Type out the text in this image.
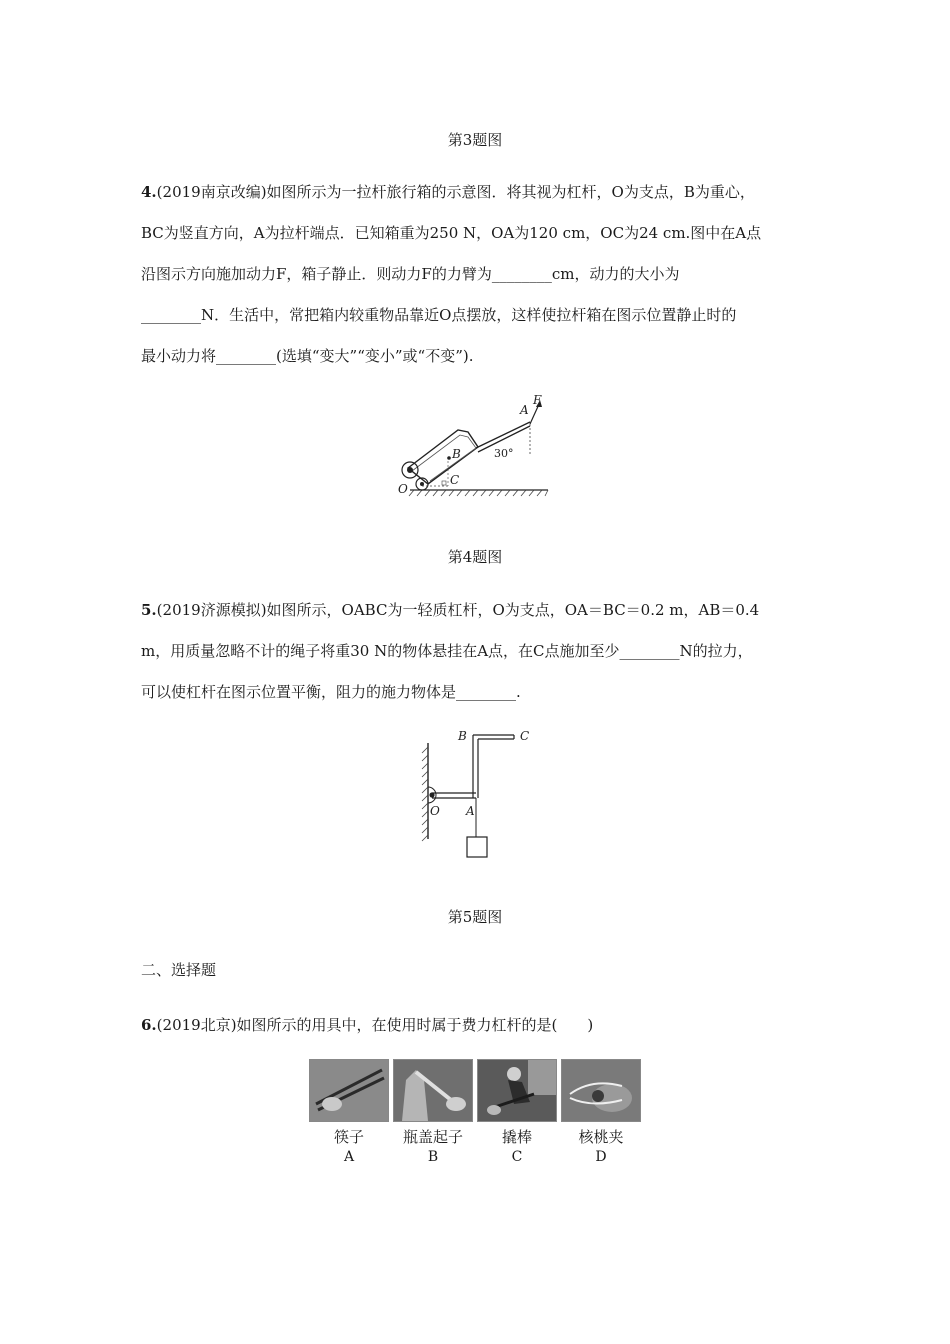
第3题图
4.(2019南京改编)如图所示为一拉杆旅行箱的示意图．将其视为杠杆，O为支点，B为重心，
BC为竖直方向，A为拉杆端点．已知箱重为250 N，OA为120 cm，OC为24 cm.图中在A点
沿图示方向施加动力F，箱子静止．则动力F的力臂为________cm，动力的大小为
________N．生活中，常把箱内较重物品靠近O点摆放，这样使拉杆箱在图示位置静止时的
最小动力将________(选填“变大”“变小”或“不变”).
B
C
O
A
F
30°
第4题图
5.(2019济源模拟)如图所示，OABC为一轻质杠杆，O为支点，OA＝BC＝0.2 m，AB＝0.4
m，用质量忽略不计的绳子将重30 N的物体悬挂在A点，在C点施加至少________N的拉力，
可以使杠杆在图示位置平衡，阻力的施力物体是________.
O A
B	C
第5题图
二、选择题
6.(2019北京)如图所示的用具中，在使用时属于费力杠杆的是(　　)
筷子
A
瓶盖起子
B
撬棒
C
核桃夹
D
